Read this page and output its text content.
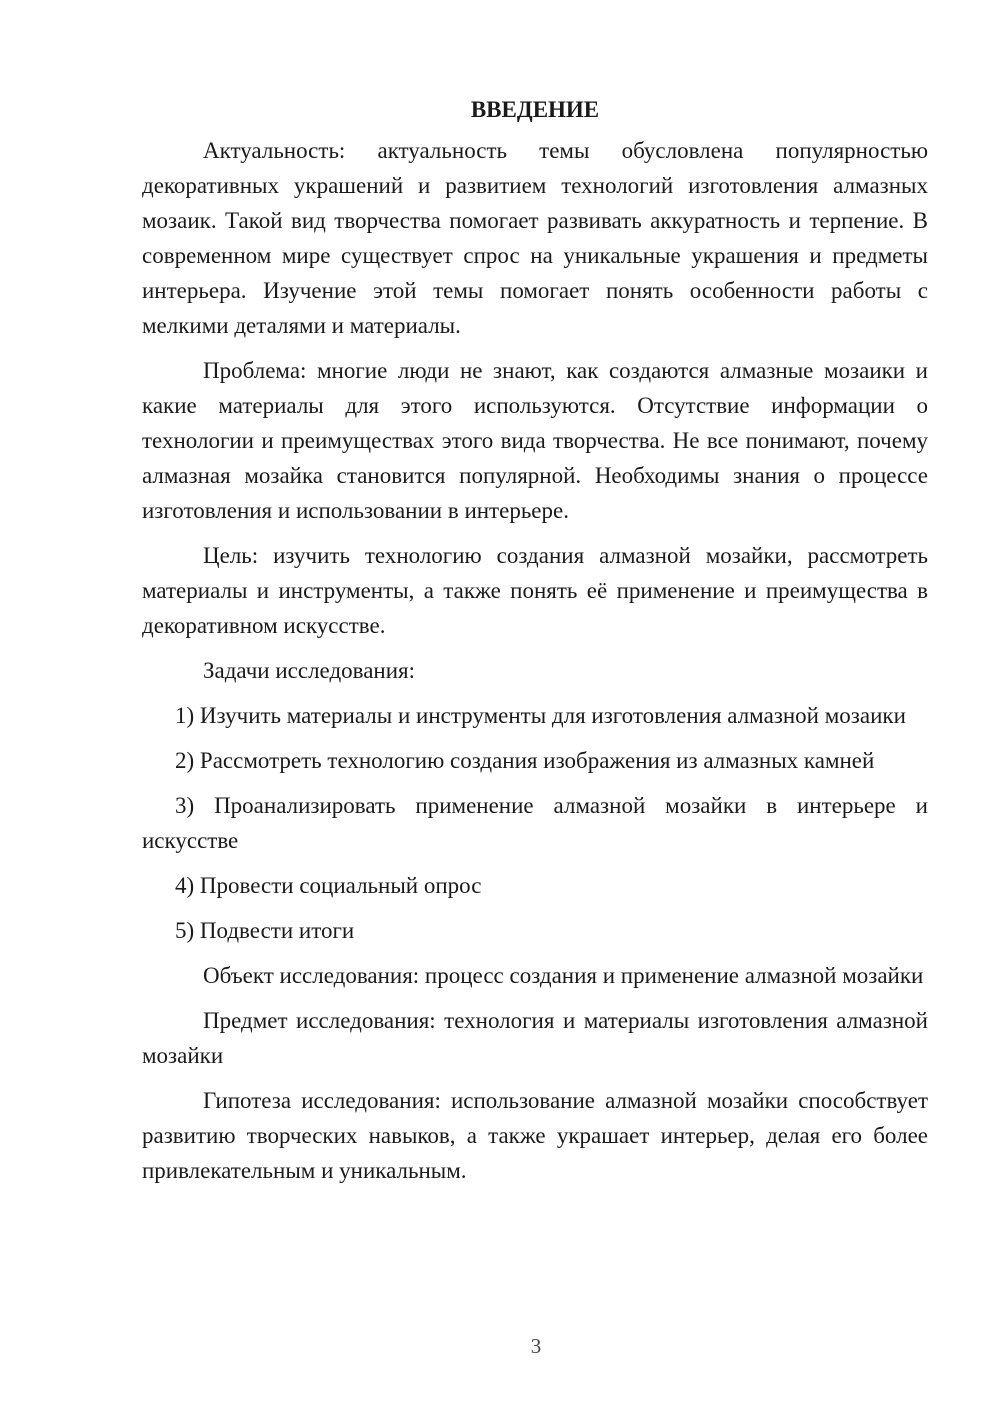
ВВЕДЕНИЕ

Актуальность: актуальность темы обусловлена популярностью декоративных украшений и развитием технологий изготовления алмазных мозаик. Такой вид творчества помогает развивать аккуратность и терпение. В современном мире существует спрос на уникальные украшения и предметы интерьера. Изучение этой темы помогает понять особенности работы с мелкими деталями и материалы.

Проблема: многие люди не знают, как создаются алмазные мозаики и какие материалы для этого используются. Отсутствие информации о технологии и преимуществах этого вида творчества. Не все понимают, почему алмазная мозайка становится популярной. Необходимы знания о процессе изготовления и использовании в интерьере.

Цель: изучить технологию создания алмазной мозайки, рассмотреть материалы и инструменты, а также понять её применение и преимущества в декоративном искусстве.

Задачи исследования:

1) Изучить материалы и инструменты для изготовления алмазной мозаики

2) Рассмотреть технологию создания изображения из алмазных камней

3) Проанализировать применение алмазной мозайки в интерьере и искусстве

4) Провести социальный опрос

5) Подвести итоги

Объект исследования: процесс создания и применение алмазной мозайки

Предмет исследования: технология и материалы изготовления алмазной мозайки

Гипотеза исследования: использование алмазной мозайки способствует развитию творческих навыков, а также украшает интерьер, делая его более привлекательным и уникальным.

3
